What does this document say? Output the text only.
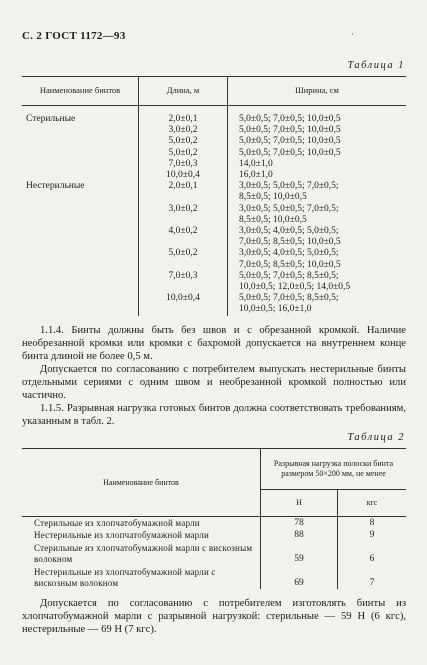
С. 2 ГОСТ 1172—93	·
Таблица 1
Наименование бинтов	Длина, м	Ширина, см
Стерильные	2,0±0,1	5,0±0,5; 7,0±0,5; 10,0±0,5
	3,0±0,2	5,0±0,5; 7,0±0,5; 10,0±0,5
	5,0±0,2	5,0±0,5; 7,0±0,5; 10,0±0,5
	5,0±0,2	5,0±0,5; 7,0±0,5; 10,0±0,5
	7,0±0,3	14,0±1,0
	10,0±0,4	16,0±1,0
Нестерильные	2,0±0,1	3,0±0,5; 5,0±0,5; 7,0±0,5;
		8,5±0,5; 10,0±0,5
	3,0±0,2	3,0±0,5; 5,0±0,5; 7,0±0,5;
		8,5±0,5; 10,0±0,5
	4,0±0,2	3,0±0,5; 4,0±0,5; 5,0±0,5;
		7,0±0,5; 8,5±0,5; 10,0±0,5
	5,0±0,2	3,0±0,5; 4,0±0,5; 5,0±0,5;
		7,0±0,5; 8,5±0,5; 10,0±0,5
	7,0±0,3	5,0±0,5; 7,0±0,5; 8,5±0,5;
		10,0±0,5; 12,0±0,5; 14,0±0,5
	10,0±0,4	5,0±0,5; 7,0±0,5; 8,5±0,5;
		10,0±0,5; 16,0±1,0

1.1.4. Бинты должны быть без швов и с обрезанной кромкой. Наличие необрезанной кромки или кромки с бахромой допускается на внутреннем конце бинта длиной не более 0,5 м.

Допускается по согласованию с потребителем выпускать нестерильные бинты отдельными сериями с одним швом и необрезанной кромкой полностью или частично.

1.1.5. Разрывная нагрузка готовых бинтов должна соответствовать требованиям, указанным в табл. 2.

Таблица 2
Наименование бинтов	Разрывная нагрузка полоски бинта размером 50×200 мм, не менее	
	Н	кгс
Стерильные из хлопчатобумажной марли	78	8
Нестерильные из хлопчатобумажной марли	88	9
Стерильные из хлопчатобумажной марли с вискозным волокном	59	6
Нестерильные из хлопчатобумажной марли с вискозным волокном	69	7

Допускается по согласованию с потребителем изготовлять бинты из хлопчатобумажной марли с разрывной нагрузкой: стерильные — 59 Н (6 кгс), нестерильные — 69 Н (7 кгс).
